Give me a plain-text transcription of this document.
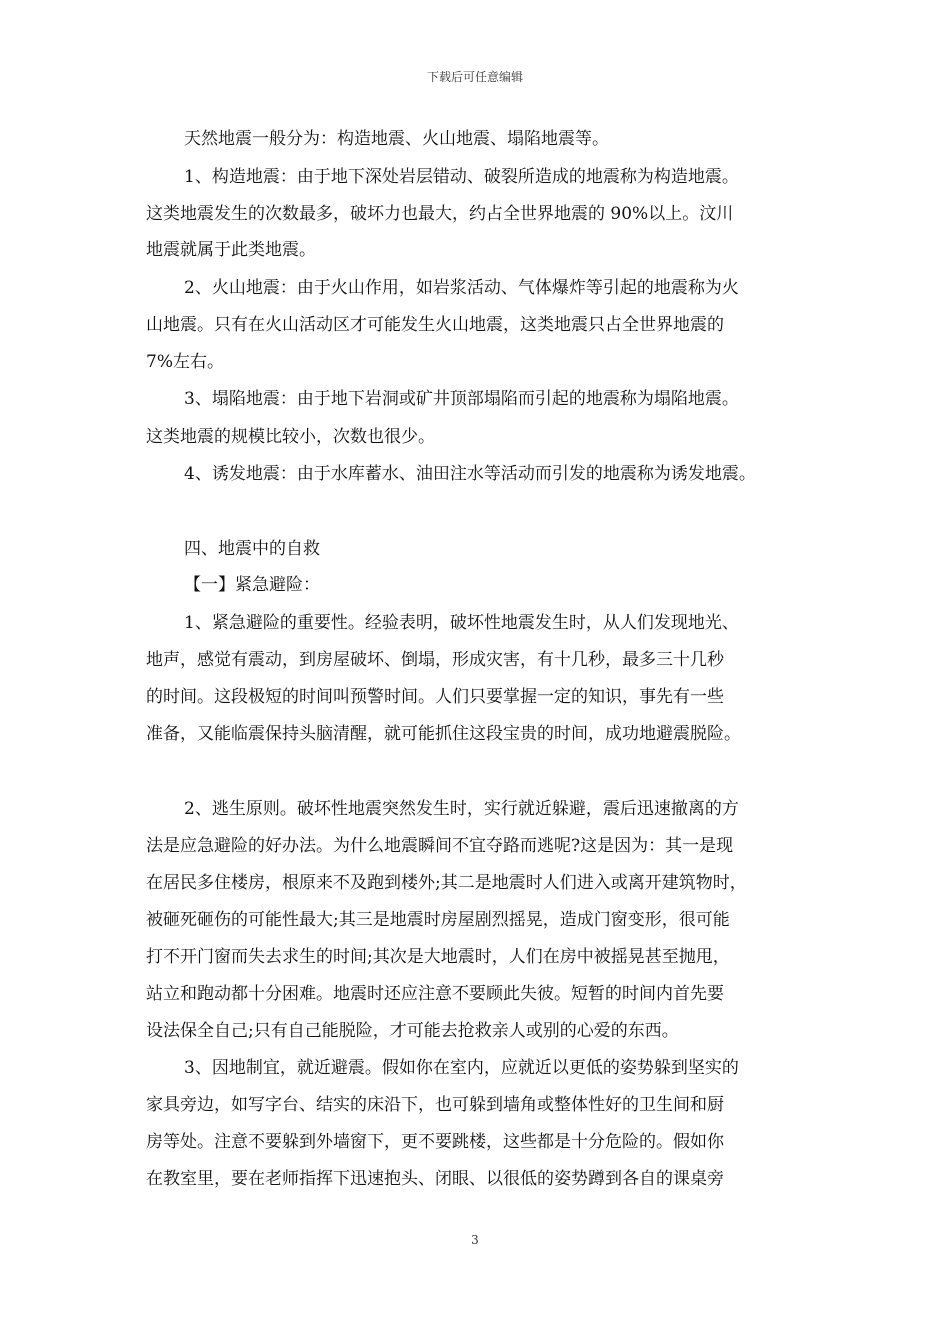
下载后可任意编辑
天然地震一般分为：构造地震、火山地震、塌陷地震等。
1、构造地震：由于地下深处岩层错动、破裂所造成的地震称为构造地震。
这类地震发生的次数最多，破坏力也最大，约占全世界地震的 90%以上。汶川
地震就属于此类地震。
2、火山地震：由于火山作用，如岩浆活动、气体爆炸等引起的地震称为火
山地震。只有在火山活动区才可能发生火山地震，这类地震只占全世界地震的
7%左右。
3、塌陷地震：由于地下岩洞或矿井顶部塌陷而引起的地震称为塌陷地震。
这类地震的规模比较小，次数也很少。
4、诱发地震：由于水库蓄水、油田注水等活动而引发的地震称为诱发地震。
四、地震中的自救
【一】紧急避险：
1、紧急避险的重要性。经验表明，破坏性地震发生时，从人们发现地光、
地声，感觉有震动，到房屋破坏、倒塌，形成灾害，有十几秒，最多三十几秒
的时间。这段极短的时间叫预警时间。人们只要掌握一定的知识，事先有一些
准备，又能临震保持头脑清醒，就可能抓住这段宝贵的时间，成功地避震脱险。
2、逃生原则。破坏性地震突然发生时，实行就近躲避，震后迅速撤离的方
法是应急避险的好办法。为什么地震瞬间不宜夺路而逃呢?这是因为：其一是现
在居民多住楼房，根原来不及跑到楼外;其二是地震时人们进入或离开建筑物时，
被砸死砸伤的可能性最大;其三是地震时房屋剧烈摇晃，造成门窗变形，很可能
打不开门窗而失去求生的时间;其次是大地震时，人们在房中被摇晃甚至抛甩，
站立和跑动都十分困难。地震时还应注意不要顾此失彼。短暂的时间内首先要
设法保全自己;只有自己能脱险，才可能去抢救亲人或别的心爱的东西。
3、因地制宜，就近避震。假如你在室内，应就近以更低的姿势躲到坚实的
家具旁边，如写字台、结实的床沿下，也可躲到墙角或整体性好的卫生间和厨
房等处。注意不要躲到外墙窗下，更不要跳楼，这些都是十分危险的。假如你
在教室里，要在老师指挥下迅速抱头、闭眼、以很低的姿势蹲到各自的课桌旁
3
